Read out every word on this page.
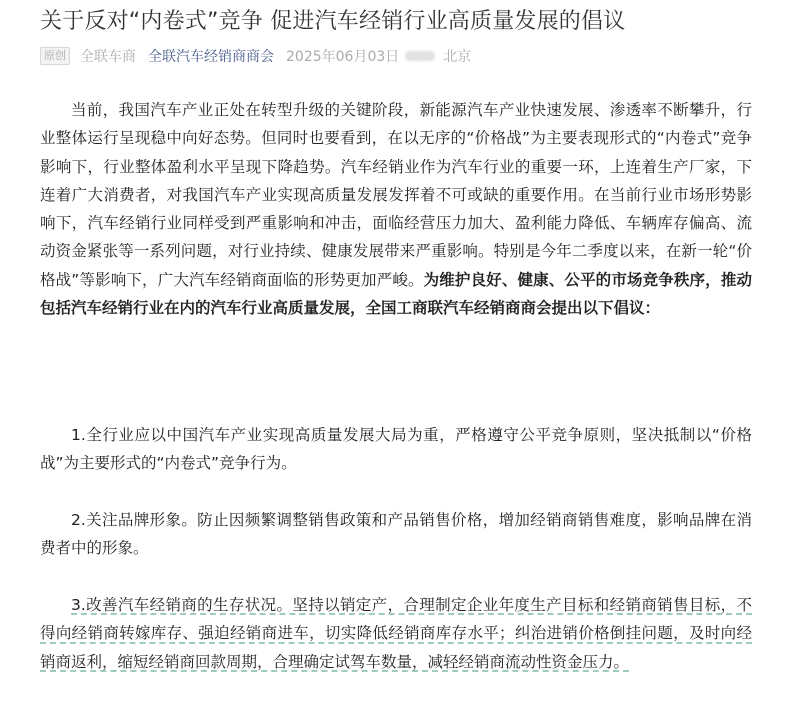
关于反对“内卷式”竞争 促进汽车经销行业高质量发展的倡议
原创 全联车商 全联汽车经销商商会 2025年06月03日	北京

当前，我国汽车产业正处在转型升级的关键阶段，新能源汽车产业快速发展、渗透率不断攀升，行业整体运行呈现稳中向好态势。但同时也要看到，在以无序的“价格战”为主要表现形式的“内卷式”竞争影响下，行业整体盈利水平呈现下降趋势。汽车经销业作为汽车行业的重要一环，上连着生产厂家，下连着广大消费者，对我国汽车产业实现高质量发展发挥着不可或缺的重要作用。在当前行业市场形势影响下，汽车经销行业同样受到严重影响和冲击，面临经营压力加大、盈利能力降低、车辆库存偏高、流动资金紧张等一系列问题，对行业持续、健康发展带来严重影响。特别是今年二季度以来，在新一轮“价格战”等影响下，广大汽车经销商面临的形势更加严峻。为维护良好、健康、公平的市场竞争秩序，推动包括汽车经销行业在内的汽车行业高质量发展，全国工商联汽车经销商商会提出以下倡议：

1.全行业应以中国汽车产业实现高质量发展大局为重，严格遵守公平竞争原则，坚决抵制以“价格战”为主要形式的“内卷式”竞争行为。

2.关注品牌形象。防止因频繁调整销售政策和产品销售价格，增加经销商销售难度，影响品牌在消费者中的形象。

3.改善汽车经销商的生存状况。坚持以销定产，合理制定企业年度生产目标和经销商销售目标，不得向经销商转嫁库存、强迫经销商进车，切实降低经销商库存水平；纠治进销价格倒挂问题，及时向经销商返利，缩短经销商回款周期，合理确定试驾车数量，减轻经销商流动性资金压力。
